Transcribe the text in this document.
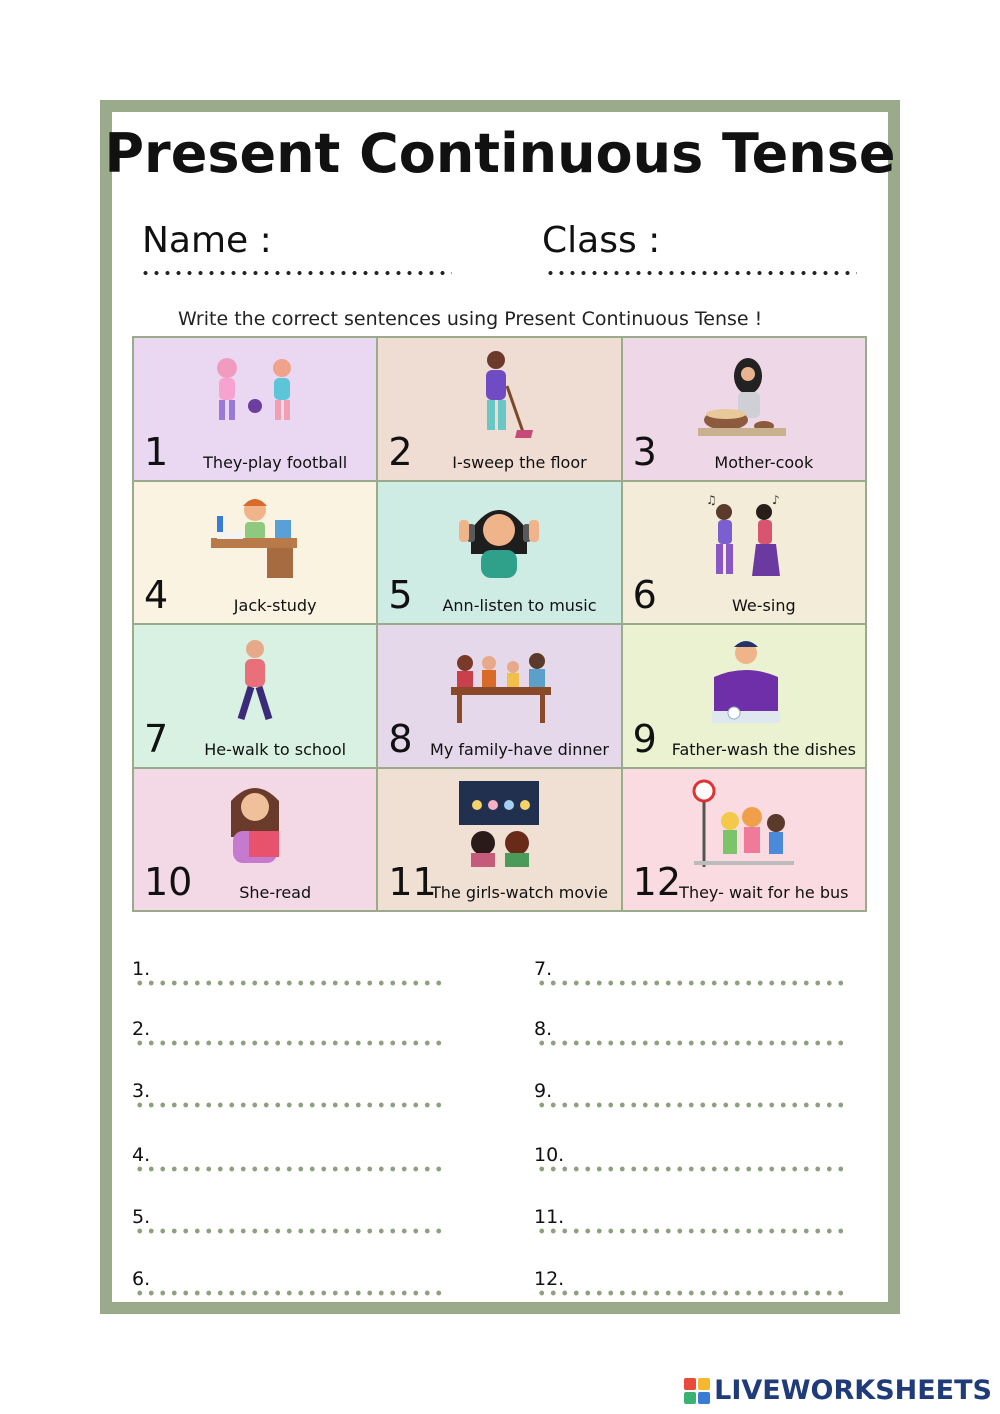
Present Continuous Tense
Name :	Class :
Write the correct sentences using Present Continuous Tense !
1	They-play football	2	I-sweep the floor	3	Mother-cook
4	Jack-study	5	Ann-listen to music
♫	♪
6	We-sing
7	He-walk to school	8	My family-have dinner 9 Father-wash the dishes
10	She-read	11
The girls-watch movie 12
They- wait for he bus
1.
2.
3.
4.
5.
6.
7.
8.
9.
10.
11.
12.
LIVEWORKSHEETS
